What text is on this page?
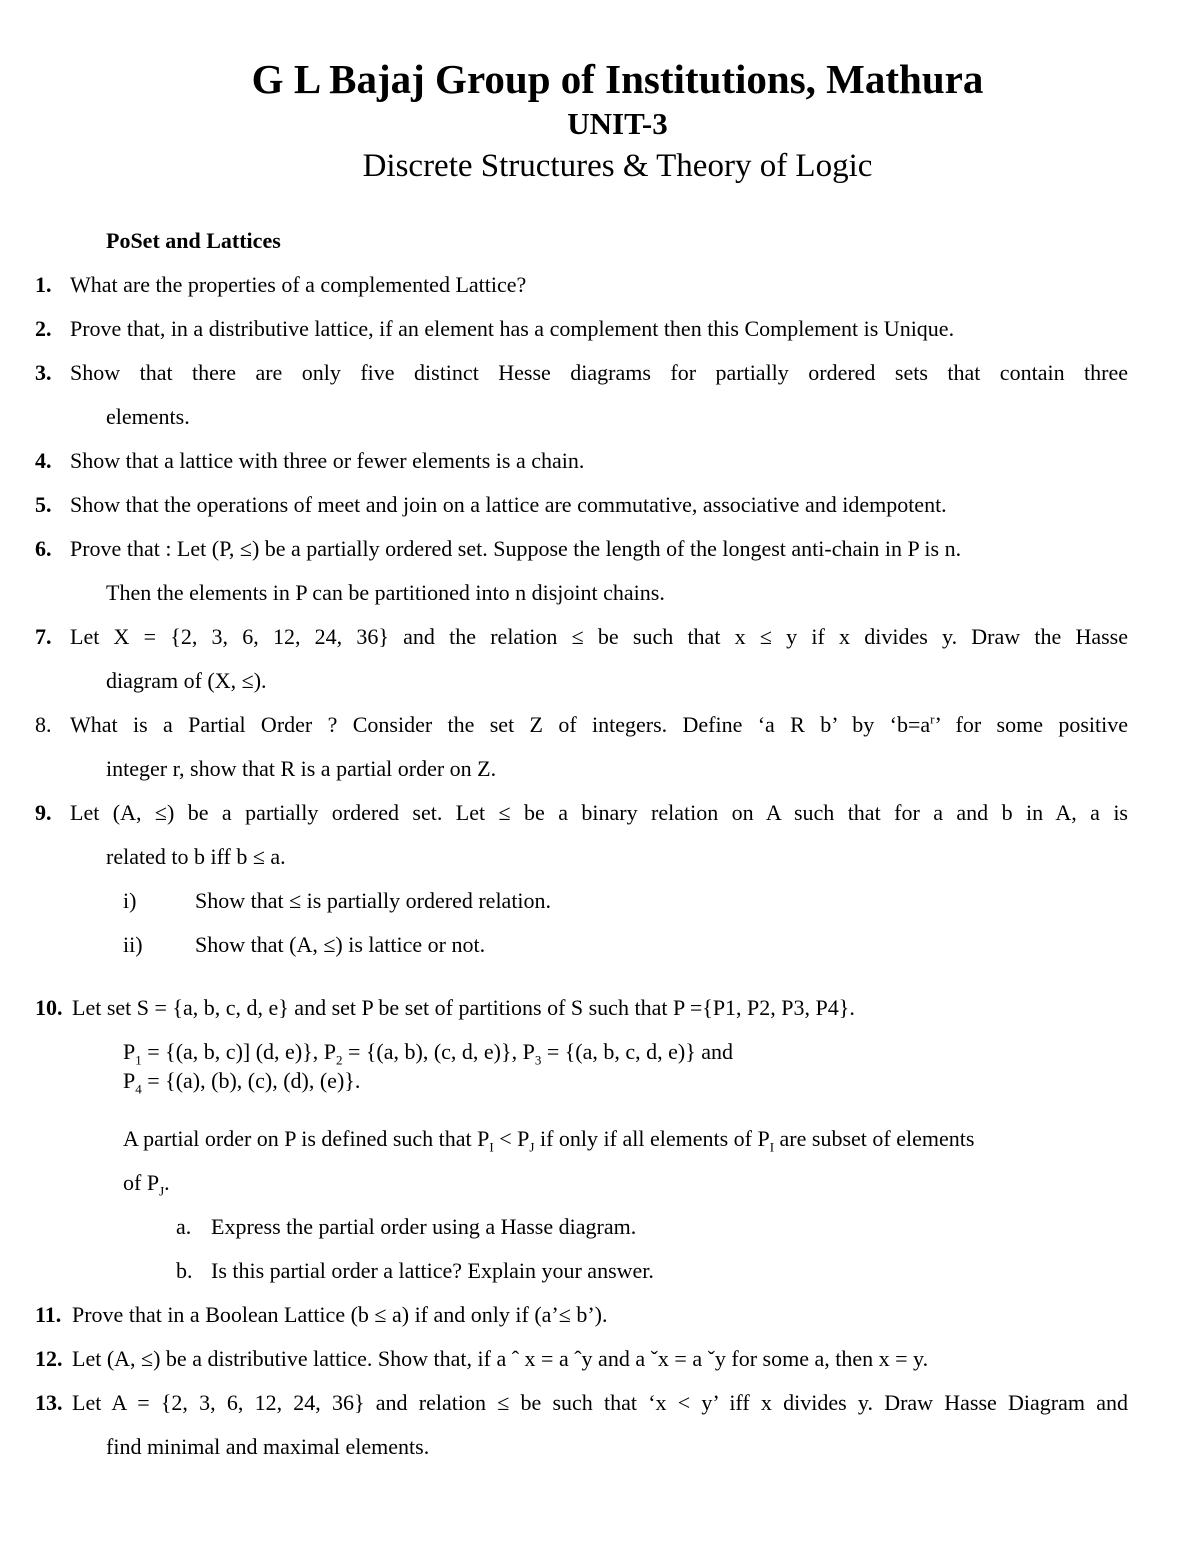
G L Bajaj Group of Institutions, Mathura
UNIT-3
Discrete Structures & Theory of Logic
PoSet and Lattices
1. What are the properties of a complemented Lattice?
2. Prove that, in a distributive lattice, if an element has a complement then this Complement is Unique.
3. Show that there are only five distinct Hesse diagrams for partially ordered sets that contain three
elements.
4. Show that a lattice with three or fewer elements is a chain.
5. Show that the operations of meet and join on a lattice are commutative, associative and idempotent.
6. Prove that : Let (P, ≤) be a partially ordered set. Suppose the length of the longest anti-chain in P is n.
Then the elements in P can be partitioned into n disjoint chains.
7. Let X = {2, 3, 6, 12, 24, 36} and the relation ≤ be such that x ≤ y if x divides y. Draw the Hasse
diagram of (X, ≤).
8. What is a Partial Order ? Consider the set Z of integers. Define ‘a R b’ by ‘$b=a^r$’ for some positive
integer r, show that R is a partial order on Z.
9. Let (A, ≤) be a partially ordered set. Let ≤ be a binary relation on A such that for a and b in A, a is
related to b iff b ≤ a.
i)	Show that ≤ is partially ordered relation.
ii) Show that (A, ≤) is lattice or not.
10. Let set S = {a, b, c, d, e} and set P be set of partitions of S such that P ={P1, P2, P3, P4}.
$P_1 = \{(a$, b, c)] (d, e)}, $P_2 = \{(a$, b), (c, d, e)}, $P_3 = \{(a$, b, c, d, e)} and
$P_4 = \{(a)$, (b), (c), (d), (e)}.
A partial order on P is defined such that $P_I < P_J$ if only if all elements of $P_I$ are subset of elements
of $P_J$.
a. Express the partial order using a Hasse diagram.
b. Is this partial order a lattice? Explain your answer.
11. Prove that in a Boolean Lattice (b ≤ a) if and only if (a’≤ b’).
12. Let (A, ≤) be a distributive lattice. Show that, if a ˆ x = a ˆy and a ˇx = a ˇy for some a, then x = y.
13. Let A = {2, 3, 6, 12, 24, 36} and relation ≤ be such that ‘x < y’ iff x divides y. Draw Hasse Diagram and
find minimal and maximal elements.
